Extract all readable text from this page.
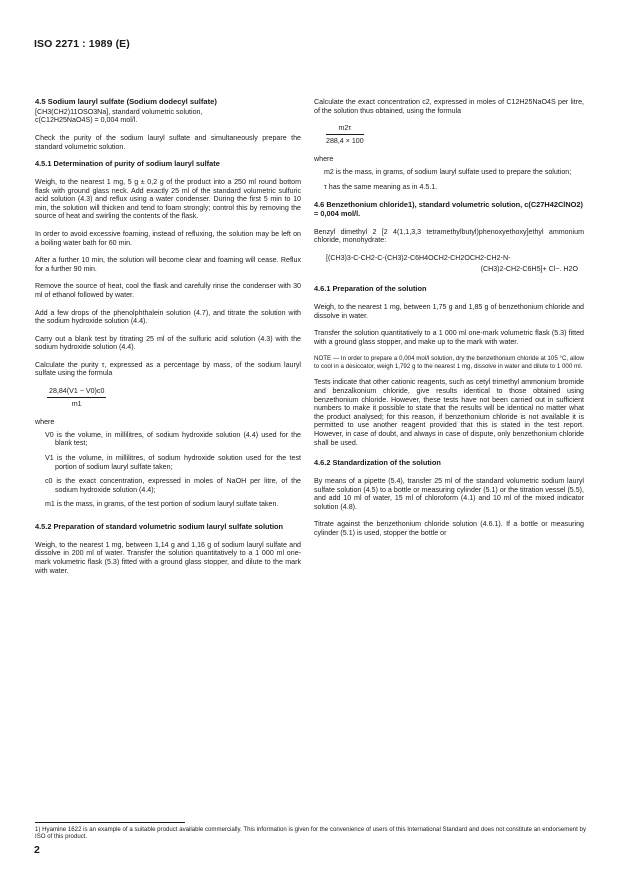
ISO 2271 : 1989 (E)
4.5 Sodium lauryl sulfate (Sodium dodecyl sulfate)
[CH3(CH2)11OSO3Na], standard volumetric solution,

c(C12H25NaO4S) = 0,004 mol/l.

Check the purity of the sodium lauryl sulfate and simultaneously prepare the standard volumetric solution.

4.5.1 Determination of purity of sodium lauryl sulfate

Weigh, to the nearest 1 mg, 5 g ± 0,2 g of the product into a 250 ml round bottom flask with ground glass neck. Add exactly 25 ml of the standard volumetric sulfuric acid solution (4.3) and reflux using a water condenser. During the first 5 min to 10 min, the solution will thicken and tend to foam strongly; control this by removing the source of heat and swirling the contents of the flask.

In order to avoid excessive foaming, instead of refluxing, the solution may be left on a boiling water bath for 60 min.

After a further 10 min, the solution will become clear and foaming will cease. Reflux for a further 90 min.

Remove the source of heat, cool the flask and carefully rinse the condenser with 30 ml of ethanol followed by water.

Add a few drops of the phenolphthalein solution (4.7), and titrate the solution with the sodium hydroxide solution (4.4).

Carry out a blank test by titrating 25 ml of the sulfuric acid solution (4.3) with the sodium hydroxide solution (4.4).

Calculate the purity τ, expressed as a percentage by mass, of the sodium lauryl sulfate using the formula

$\frac{28,84(V1 - V0)c0}{m1}$
where

V0 is the volume, in millilitres, of sodium hydroxide solution (4.4) used for the blank test;

V1 is the volume, in millilitres, of sodium hydroxide solution used for the test portion of sodium lauryl sulfate taken;

c0 is the exact concentration, expressed in moles of NaOH per litre, of the sodium hydroxide solution (4.4);

m1 is the mass, in grams, of the test portion of sodium lauryl sulfate taken.

4.5.2 Preparation of standard volumetric sodium lauryl sulfate solution

Weigh, to the nearest 1 mg, between 1,14 g and 1,16 g of sodium lauryl sulfate and dissolve in 200 ml of water. Transfer the solution quantitatively to a 1 000 ml one-mark volumetric flask (5.3) fitted with a ground glass stopper, and dilute to the mark with water.

Calculate the exact concentration c2, expressed in moles of C12H25NaO4S per litre, of the solution thus obtained, using the formula

$\frac{m2\tau}{288,4 \times 100}$
where

m2 is the mass, in grams, of sodium lauryl sulfate used to prepare the solution;

τ has the same meaning as in 4.5.1.

4.6 Benzethonium chloride1), standard volumetric solution, c(C27H42ClNO2) = 0,004 mol/l.

Benzyl dimethyl 2 [2 4(1,1,3,3 tetramethylbutyl)phenoxyethoxy]ethyl ammonium chloride, monohydrate:

[(CH3)3-C-CH2-C-(CH3)2-C6H4OCH2-CH2OCH2-CH2-N-
(CH3)2-CH2-C6H5]+ Cl−. H2O
4.6.1 Preparation of the solution

Weigh, to the nearest 1 mg, between 1,75 g and 1,85 g of benzethonium chloride and dissolve in water.

Transfer the solution quantitatively to a 1 000 ml one-mark volumetric flask (5.3) fitted with a ground glass stopper, and make up to the mark with water.

NOTE — In order to prepare a 0,004 mol/l solution, dry the benzethonium chloride at 105 °C, allow to cool in a desiccator, weigh 1,792 g to the nearest 1 mg, dissolve in water and dilute to 1 000 ml.

Tests indicate that other cationic reagents, such as cetyl trimethyl ammonium bromide and benzalkonium chloride, give results identical to those obtained using benzethonium chloride. However, these tests have not been carried out in sufficient numbers to make it possible to state that the results will be identical no matter what the product analysed; for this reason, if benzethonium chloride is not available it is permitted to use another reagent provided that this is stated in the test report. However, in case of doubt, and always in case of dispute, only benzethonium chloride shall be used.

4.6.2 Standardization of the solution

By means of a pipette (5.4), transfer 25 ml of the standard volumetric sodium lauryl sulfate solution (4.5) to a bottle or measuring cylinder (5.1) or the titration vessel (5.5), and add 10 ml of water, 15 ml of chloroform (4.1) and 10 ml of the mixed indicator solution (4.8).

Titrate against the benzethonium chloride solution (4.6.1). If a bottle or measuring cylinder (5.1) is used, stopper the bottle or

1) Hyamine 1622 is an example of a suitable product available commercially. This information is given for the convenience of users of this International Standard and does not constitute an endorsement by ISO of this product.
2
